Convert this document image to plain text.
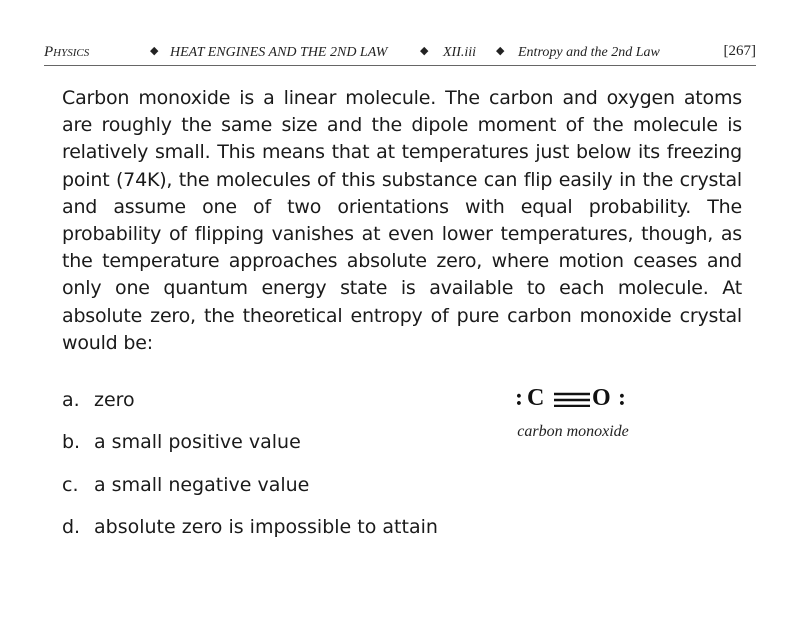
Physics	◆ HEAT ENGINES AND THE 2ND LAW	◆ XII.iii ◆ Entropy and the 2nd Law	[267]
Carbon monoxide is a linear molecule. The carbon and oxygen atoms are roughly the same size and the dipole moment of the molecule is relatively small. This means that at temperatures just below its freezing point (74K), the molecules of this substance can flip easily in the crystal and assume one of two orientations with equal probability. The probability of flipping vanishes at even lower temperatures, though, as the temperature approaches absolute zero, where motion ceases and only one quantum energy state is available to each molecule. At absolute zero, the theoretical entropy of pure carbon monoxide crystal would be:
a. zero
b. a small positive value
c. a small negative value
d. absolute zero is impossible to attain
: C O :
carbon monoxide
